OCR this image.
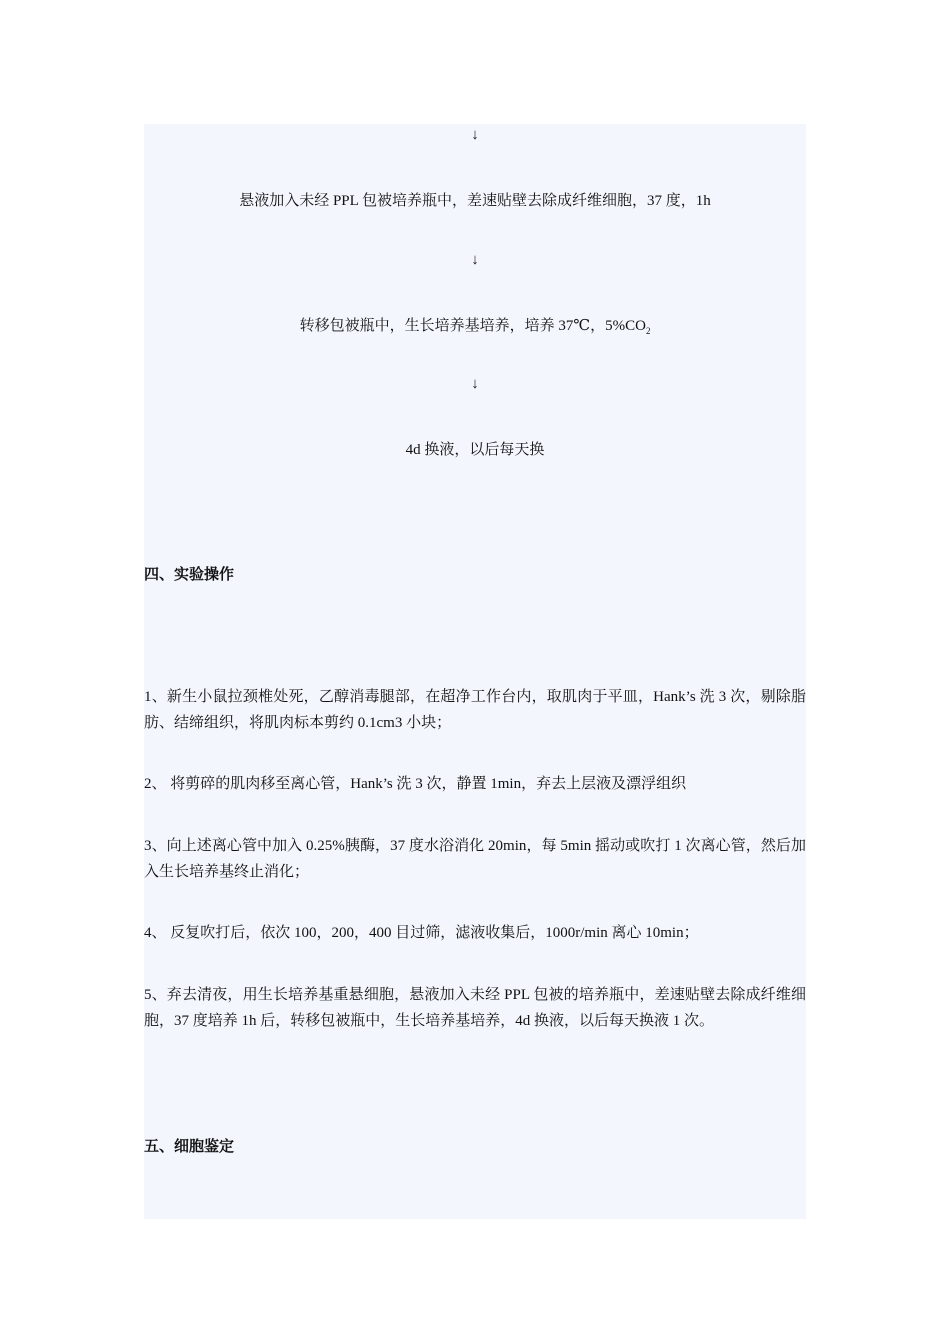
↓
悬液加入未经 PPL 包被培养瓶中，差速贴壁去除成纤维细胞，37 度，1h
↓
转移包被瓶中，生长培养基培养，培养 37℃，$5\%CO_2$
↓
4d 换液，以后每天换
四、实验操作
1、新生小鼠拉颈椎处死，乙醇消毒腿部，在超净工作台内，取肌肉于平皿，Hank’s 洗 3 次，剔除脂肪、结缔组织，将肌肉标本剪约 0.1cm3 小块；
2、 将剪碎的肌肉移至离心管，Hank’s 洗 3 次，静置 1min，弃去上层液及漂浮组织
3、向上述离心管中加入 0.25%胰酶，37 度水浴消化 20min，每 5min 摇动或吹打 1 次离心管，然后加入生长培养基终止消化；
4、 反复吹打后，依次 100，200，400 目过筛，滤液收集后，1000r/min 离心 10min；
5、弃去清夜，用生长培养基重悬细胞，悬液加入未经 PPL 包被的培养瓶中，差速贴壁去除成纤维细胞，37 度培养 1h 后，转移包被瓶中，生长培养基培养，4d 换液，以后每天换液 1 次。
五、细胞鉴定
